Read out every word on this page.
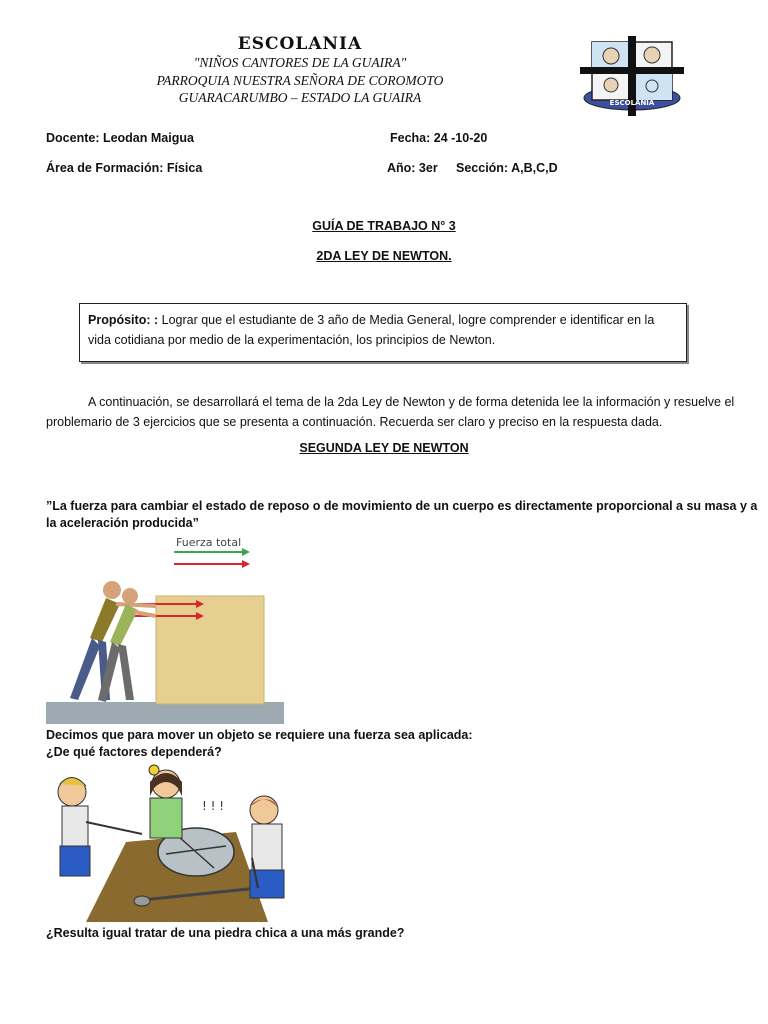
ESCOLANIA
"NIÑOS CANTORES DE LA GUAIRA"
PARROQUIA NUESTRA SEÑORA DE COROMOTO
GUARACARUMBO – ESTADO LA GUAIRA	ESCOLANIA
Docente: Leodan Maigua	Fecha: 24 -10-20
Área de Formación: Física	Año: 3er Sección: A,B,C,D
GUÍA DE TRABAJO N° 3
2DA LEY DE NEWTON.
Propósito: : Lograr que el estudiante de 3 año de Media General, logre comprender e identificar en la vida cotidiana por medio de la experimentación, los principios de Newton.
A continuación, se desarrollará el tema de la 2da Ley de Newton y de forma detenida lee la información y resuelve el problemario de 3 ejercicios que se presenta a continuación. Recuerda ser claro y preciso en la respuesta dada.
SEGUNDA LEY DE NEWTON
”La fuerza para cambiar el estado de reposo o de movimiento de un cuerpo es directamente proporcional a su masa y a la aceleración producida”
Fuerza total
Decimos que para mover un objeto se requiere una fuerza sea aplicada:
¿De qué factores dependerá?
! ! !
¿Resulta igual tratar de una piedra chica a una más grande?
